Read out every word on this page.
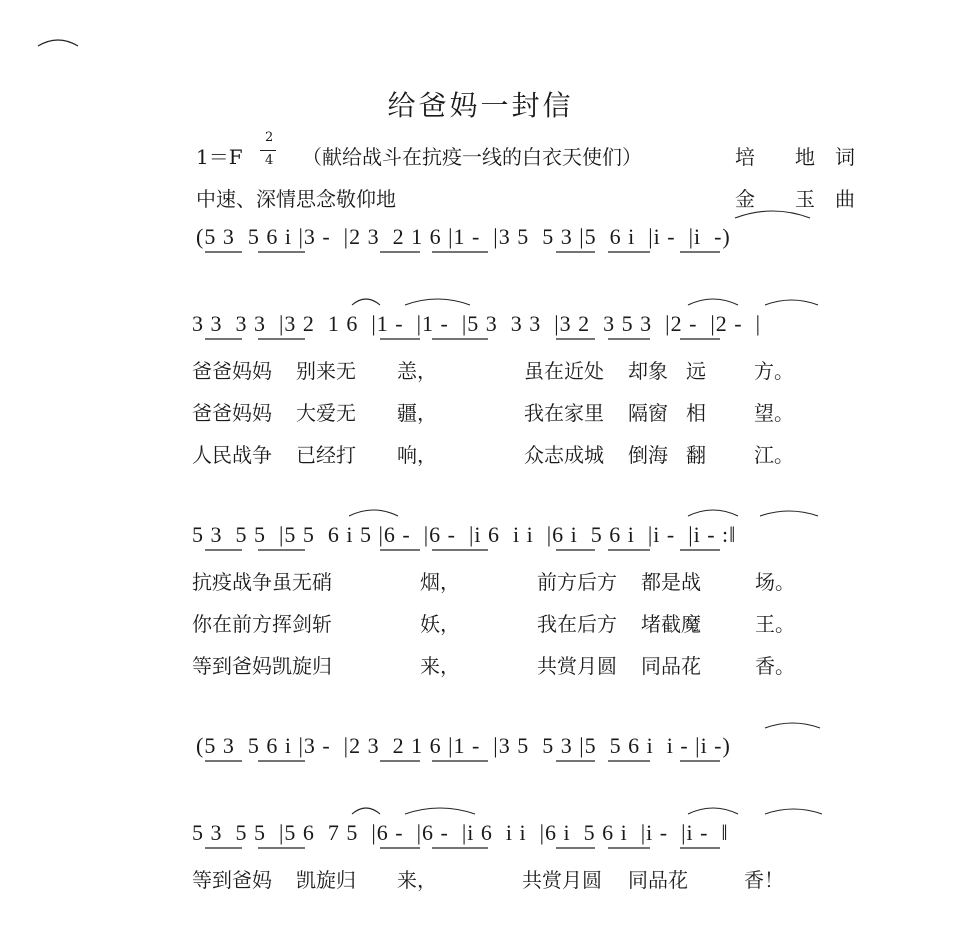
给爸妈一封信
1＝F
2
4 （献给战斗在抗疫一线的白衣天使们）	培　　地　词
中速、深情思念敬仰地	金　　玉　曲
(5 3  5 6 i |3 -  |2 3  2 1 6 |1 -  |3 5  5 3 |5  6 i  |i -  |i  -)
3 3  3 3  |3 2  1 6  |1 -  |1 -  |5 3  3 3  |3 2  3 5 3  |2 -  |2 -  |
5 3  5 5  |5 5  6 i 5 |6 -  |6 -  |i 6  i i  |6 i  5 6 i  |i -  |i - :‖
(5 3  5 6 i |3 -  |2 3  2 1 6 |1 -  |3 5  5 3 |5  5 6 i  i - |i -)
5 3  5 5  |5 6  7 5  |6 -  |6 -  |i 6  i i  |6 i  5 6 i  |i -  |i -  ‖
爸爸妈妈 别来无 恙，	虽在近处 却象 远 方。
爸爸妈妈 大爱无 疆，	我在家里 隔窗 相 望。
人民战争 已经打 响，	众志成城 倒海 翻 江。
抗疫战争虽无硝	烟，	前方后方 都是战	场。
你在前方挥剑斩	妖，	我在后方 堵截魔	王。
等到爸妈凯旋归	来，	共赏月圆 同品花	香。
等到爸妈 凯旋归 来，	共赏月圆 同品花	香！
